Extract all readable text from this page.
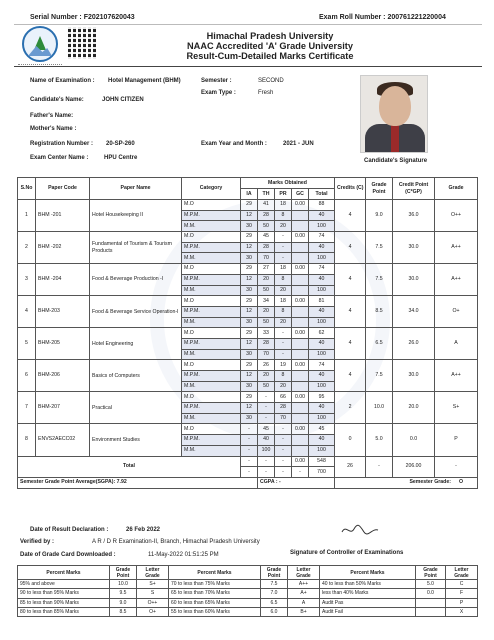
Serial Number : F202107620043	Exam Roll Number : 200761221220004
Himachal Pradesh University
NAAC Accredited 'A' Grade University
Result-Cum-Detailed Marks Certificate
Name of Examination : Hotel Management (BHM)	Semester :	SECOND
Exam Type :	Fresh
Candidate's Name:	JOHN CITIZEN
Father's Name:
Mother's Name :
Registration Number : 20-SP-260	Exam Year and Month :	2021 - JUN
Exam Center Name :	HPU Centre	Candidate's Signature
S.No	Paper Code	Paper Name	Category	Marks Obtained					Credits (C)	Grade Point	Credit Point (C*GP)	Grade
				IA	TH	PR	GC	Total				
1	BHM -201	Hotel Housekeeping II	M.O	29	41	18	0.00	88	4	9.0	36.0	O++
			M.P.M.	12	28	8		40				
			M.M.	30	50	20		100				
2	BHM -202	Fundamental of Tourism & Tourism Products	M.O	29	45	-	0.00	74	4	7.5	30.0	A++
			M.P.M.	12	28	-		40				
			M.M.	30	70	-		100				
3	BHM -204	Food & Beverage Production -I	M.O	29	27	18	0.00	74	4	7.5	30.0	A++
			M.P.M.	12	20	8		40				
			M.M.	30	50	20		100				
4	BHM-203	Food & Beverage Service Operation-I	M.O	29	34	18	0.00	81	4	8.5	34.0	O+
			M.P.M.	12	20	8		40				
			M.M.	30	50	20		100				
5	BHM-205	Hotel Engineering	M.O	29	33	-	0.00	62	4	6.5	26.0	A
			M.P.M.	12	28	-		40				
			M.M.	30	70	-		100				
6	BHM-206	Basics of Computers	M.O	29	26	19	0.00	74	4	7.5	30.0	A++
			M.P.M.	12	20	8		40				
			M.M.	30	50	20		100				
7	BHM-207	Practical	M.O	29	-	66	0.00	95	2	10.0	20.0	S+
			M.P.M.	12	-	28		40				
			M.M.	30	-	70		100				
8	ENVS2AECC02	Environment Studies	M.O	-	45	-	0.00	45	0	5.0	0.0	P
			M.P.M.	-	40	-		40				
			M.M.	-	100	-		100				
Total				-	-	-	0.00	548	26	-	206.00	-
				-	-	-	-	700				
Semester Grade Point Average(SGPA): 7.92					CGPA : -				Semester Grade: O			
Date of Result Declaration :	26 Feb 2022
Verified by :	A R / D R Examination-II, Branch, Himachal Pradesh University
Date of Grade Card Downloaded :	11-May-2022 01:51:25 PM	Signature of Controller of Examinations
Percent Marks	Grade Point	Letter Grade	Percent Marks	Grade Point	Letter Grade	Percent Marks	Grade Point	Letter Grade
95% and above	10.0	S+	70 to less than 75% Marks	7.5	A++	40 to less than 50% Marks	5.0	C
90 to less than 95% Marks	9.5	S	65 to less than 70% Marks	7.0	A+	less than 40% Marks	0.0	F
85 to less than 90% Marks	9.0	O++	60 to less than 65% Marks	6.5	A	Audit Pas		P
80 to less than 85% Marks	8.5	O+	55 to less than 60% Marks	6.0	B+	Audit Fail		X
